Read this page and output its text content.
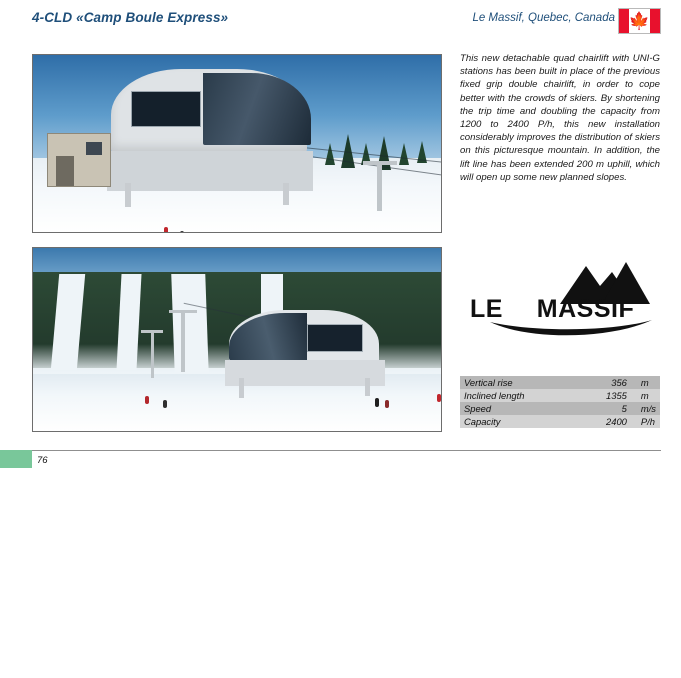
4-CLD «Camp Boule Express»	Le Massif, Quebec, Canada 🍁
This new detachable quad chairlift with UNI-G stations has been built in place of the previous fixed grip double chairlift, in order to cope better with the crowds of skiers. By shortening the trip time and doubling the capacity from 1200 to 2400 P/h, this new installation considerably improves the distribution of skiers on this picturesque mountain. In addition, the lift line has been extended 200 m uphill, which will open up some new planned slopes.
LE MASSIF
Vertical rise	356	m
Inclined length	1355	m
Speed	5	m/s
Capacity	2400	P/h
76
